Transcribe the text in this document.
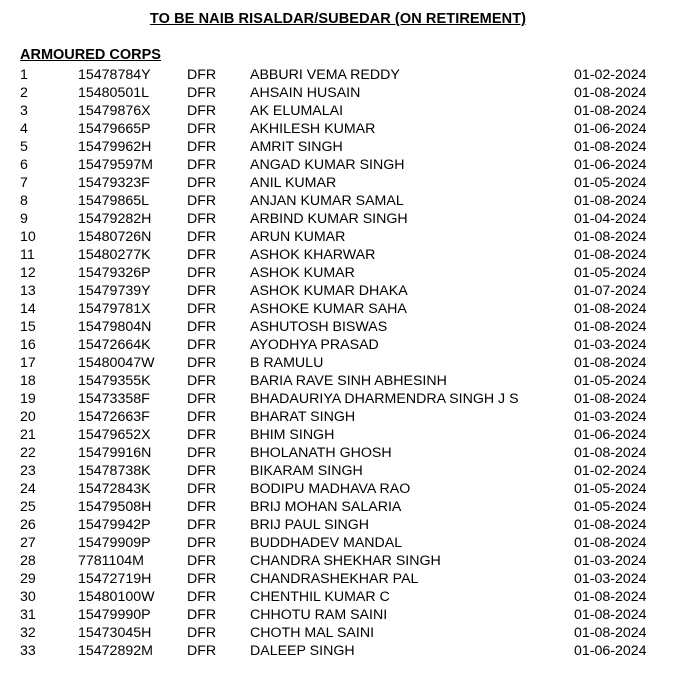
TO BE NAIB RISALDAR/SUBEDAR (ON RETIREMENT)
ARMOURED CORPS
1	15478784Y	DFR ABBURI VEMA REDDY	01-02-2024
2	15480501L	DFR AHSAIN HUSAIN	01-08-2024
3	15479876X	DFR AK ELUMALAI	01-08-2024
4	15479665P	DFR AKHILESH KUMAR	01-06-2024
5	15479962H	DFR AMRIT SINGH	01-08-2024
6	15479597M DFR ANGAD KUMAR SINGH	01-06-2024
7	15479323F	DFR ANIL KUMAR	01-05-2024
8	15479865L	DFR ANJAN KUMAR SAMAL	01-08-2024
9	15479282H	DFR ARBIND KUMAR SINGH	01-04-2024
10	15480726N	DFR ARUN KUMAR	01-08-2024
11	15480277K	DFR ASHOK KHARWAR	01-08-2024
12	15479326P	DFR ASHOK KUMAR	01-05-2024
13	15479739Y	DFR ASHOK KUMAR DHAKA	01-07-2024
14	15479781X	DFR ASHOKE KUMAR SAHA	01-08-2024
15	15479804N	DFR ASHUTOSH BISWAS	01-08-2024
16	15472664K	DFR AYODHYA PRASAD	01-03-2024
17	15480047W DFR B RAMULU	01-08-2024
18	15479355K	DFR BARIA RAVE SINH ABHESINH	01-05-2024
19	15473358F	DFR BHADAURIYA DHARMENDRA SINGH J S	01-08-2024
20	15472663F	DFR BHARAT SINGH	01-03-2024
21	15479652X	DFR BHIM SINGH	01-06-2024
22	15479916N	DFR BHOLANATH GHOSH	01-08-2024
23	15478738K	DFR BIKARAM SINGH	01-02-2024
24	15472843K	DFR BODIPU MADHAVA RAO	01-05-2024
25	15479508H	DFR BRIJ MOHAN SALARIA	01-05-2024
26	15479942P	DFR BRIJ PAUL SINGH	01-08-2024
27	15479909P	DFR BUDDHADEV MANDAL	01-08-2024
28	7781104M	DFR CHANDRA SHEKHAR SINGH	01-03-2024
29	15472719H	DFR CHANDRASHEKHAR PAL	01-03-2024
30	15480100W DFR CHENTHIL KUMAR C	01-08-2024
31	15479990P	DFR CHHOTU RAM SAINI	01-08-2024
32	15473045H	DFR CHOTH MAL SAINI	01-08-2024
33	15472892M DFR DALEEP SINGH	01-06-2024
